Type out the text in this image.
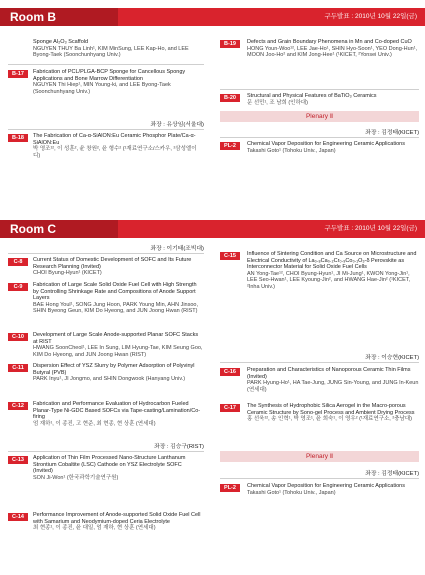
Room B	구두발표 : 2010년 10월 22일(금)
Sponge Al₂O₃ Scaffold
NGUYEN THUY Ba Linh¹, KIM MinSung, LEE Kap-Ho, and LEE Byong-Taek (Soonchunhyang Univ.)
B-17	Fabrication of PCL/PLGA-BCP Sponge for Cancellous Spongy Applications and Bone Marrow Differentiation
NGUYEN Thi Hiep¹, MIN Young-ki, and LEE Byong-Taek (Soonchunhyang Univ.)
좌장 : 유상임(서울대)
B-18	The Fabrication of Ca-α-SiAlON:Eu Ceramic Phosphor Plate/Ca-α-SiAlON:Eu
박 영조¹², 이 성훈², 윤 창원², 윤 형수² (¹재료연구소/스카우, ²삼성엘이디)
B-19	Defects and Grain Boundary Phenomena in Mn and Co-doped CuO
HONG Youn-Woo¹², LEE Jae-Ho¹, SHIN Hyo-Soon¹, YEO Dong-Hun¹, MOON Joo-Ho² and KIM Jong-Hee¹ (¹KICET, ²Yonsei Univ.)
B-20	Structural and Physical Features of BaTiO₃ Ceramics
문 선민¹, 조 남희 (인하대)
Plenary Ⅱ
좌장 : 김정태(KICET)
PL-2	Chemical Vapor Deposition for Engineering Ceramic Applications
Takashi Goto¹ (Tohoku Univ., Japan)
Room C	구두발표 : 2010년 10월 22일(금)
좌장 : 이기태(조빅대)
C-8	Current Status of Domestic Development of SOFC and Its Future Research Planning (Invited)
CHOI Byung-Hyun¹ (KICET)
C-9	Fabrication of Large Scale Solid Oxide Fuel Cell with High Strength by Controlling Shrinkage Rate and Compositions of Anode Support Layers
BAE Hong Youl¹, SONG Jung Hoon, PARK Young Min, AHN Jinsoo, SHIN Byeong Geun, KIM Do Hyeong, and JUN Joong Hwan (RIST)
C-10	Development of Large Scale Anode-supported Planar SOFC Stacks at RIST
HWANG SoonCheol¹, LEE In Sung, LIM Hyung-Tae, KIM Seung Goo, KIM Do Hyeong, and JUN Joong Hwan (RIST)
C-11	Dispersion Effect of YSZ Slurry by Polymer Adsorption of Polyvinyl Butyral (PVB)
PARK Inyu¹, JI Jongmo, and SHIN Dongwook (Hanyang Univ.)
C-12	Fabrication and Performance Evaluation of Hydrocarbon Fueled Planar-Type Ni-GDC Based SOFCs via Tape-casting/Lamination/Co-firing
엄 재하¹, 이 종진, 고 현준, 최 현종, 현 상훈 (연세대)
좌장 : 김승구(RIST)
C-13	Application of Thin Film Processed Nano-Structure Lanthanum Strontium Cobaltite (LSC) Cathode on YSZ Electrolyte SOFC (Invited)
SON Ji-Won¹ (한국과학기술연구원)
C-14	Performance Improvement of Anode-supported Solid Oxide Fuel Cell with Samarium and Neodymium-doped Ceria Electrolyte
최 현종¹, 이 종진, 윤 대일, 엄 재하, 현 상훈 (연세대)
C-15	Influence of Sintering Condition and Ca Source on Microstructure and Electrical Conductivity of La₀.₈Ca₀.₂Cr₀.₉Co₀.₁O₃-δ Perovskite as Interconnector Material for Solid Oxide Fuel Cells
AN Yong-Tae¹², CHOI Byung-Hyun¹, JI Mi-Jung¹, KWON Yong-Jin¹, LEE Seo-Hwan¹, LEE Kyoung-Jin², and HWANG Hae-Jin² (¹KICET, ²Inha Univ.)
좌장 : 이승현(KICET)
C-16	Preparation and Characteristics of Nanoporous Ceramic Thin Films (Invited)
PARK Hyung-Ho¹, HA Tae-Jung, JUNG Sin-Young, and JUNG In-Keun (연세대)
C-17	The Synthesis of Hydrophobic Silica Aerogel in the Macro-porous Ceramic Structure by Sono-gel Process and Ambient Drying Process
홍 선욱¹², 송 인혁¹, 박 영조¹, 윤 희숙¹, 이 영우² (¹재료연구소, ²충남대)
Plenary Ⅱ
좌장 : 김정태(KICET)
PL-2	Chemical Vapor Deposition for Engineering Ceramic Applications
Takashi Goto¹ (Tohoku Univ., Japan)
